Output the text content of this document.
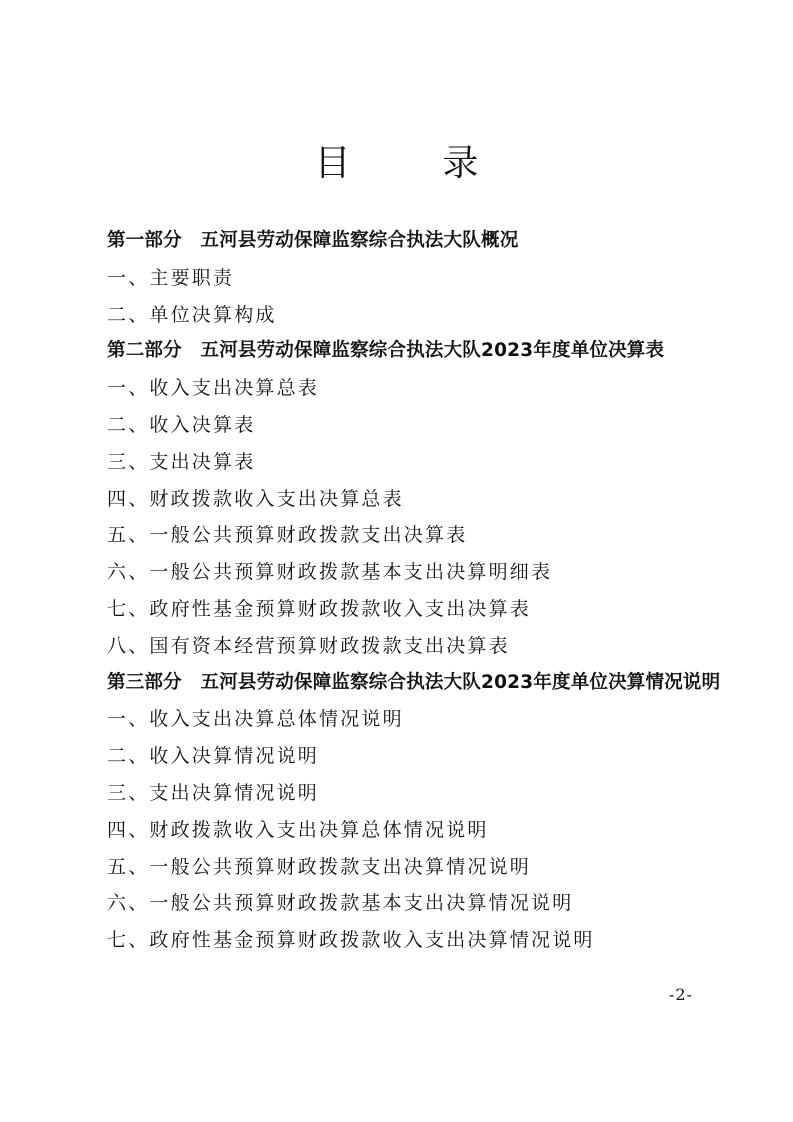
目　录
第一部分　五河县劳动保障监察综合执法大队概况
一、主要职责
二、单位决算构成
第二部分　五河县劳动保障监察综合执法大队2023年度单位决算表
一、收入支出决算总表
二、收入决算表
三、支出决算表
四、财政拨款收入支出决算总表
五、一般公共预算财政拨款支出决算表
六、一般公共预算财政拨款基本支出决算明细表
七、政府性基金预算财政拨款收入支出决算表
八、国有资本经营预算财政拨款支出决算表
第三部分　五河县劳动保障监察综合执法大队2023年度单位决算情况说明
一、收入支出决算总体情况说明
二、收入决算情况说明
三、支出决算情况说明
四、财政拨款收入支出决算总体情况说明
五、一般公共预算财政拨款支出决算情况说明
六、一般公共预算财政拨款基本支出决算情况说明
七、政府性基金预算财政拨款收入支出决算情况说明
-2-
